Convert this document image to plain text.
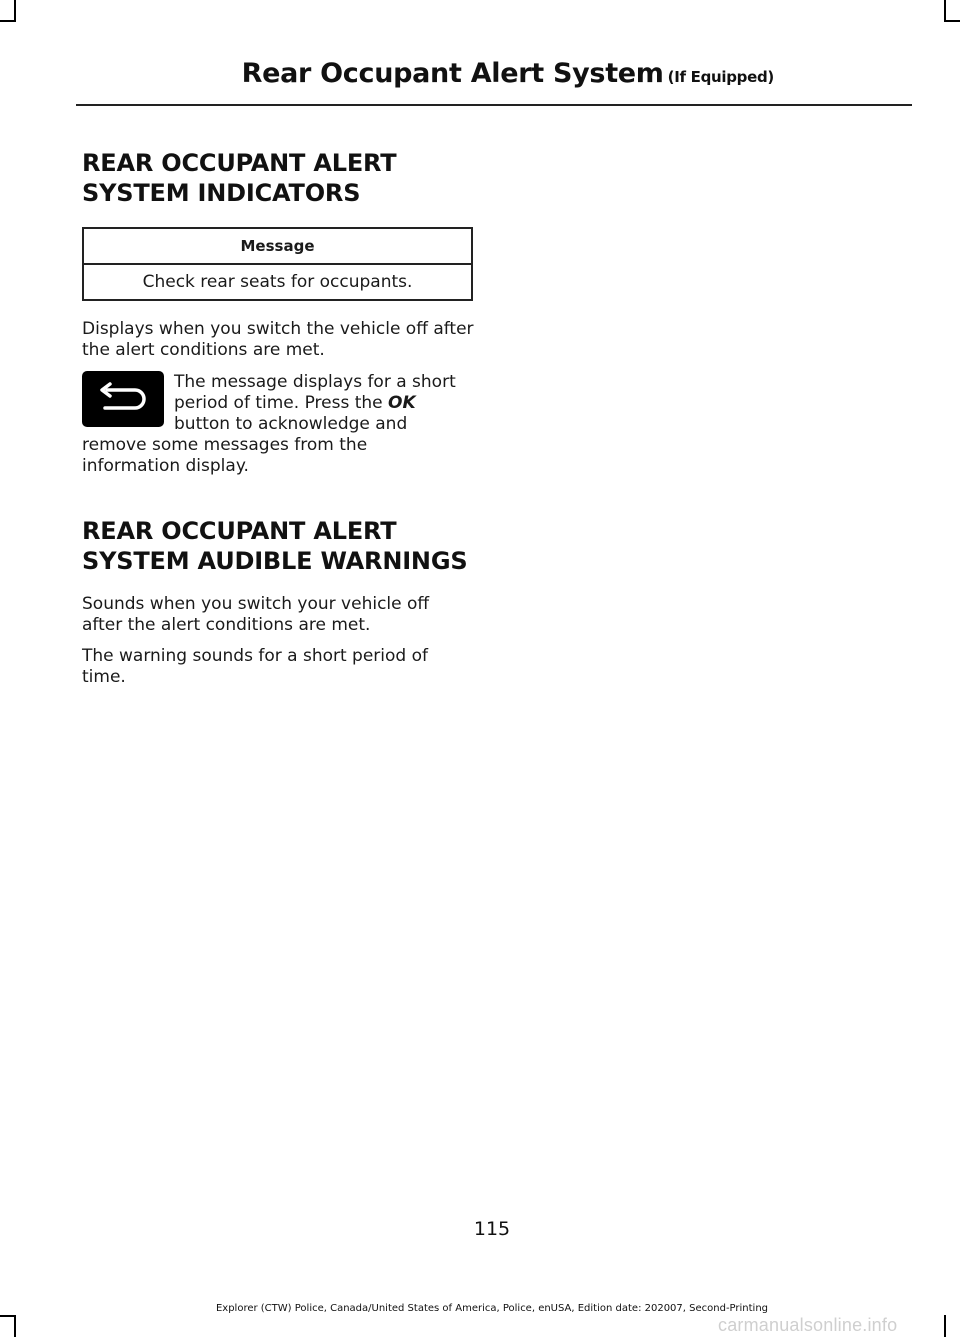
Rear Occupant Alert System (If Equipped)

REAR OCCUPANT ALERT

SYSTEM INDICATORS

Message
Check rear seats for occupants.

Displays when you switch the vehicle off after the alert conditions are met.

The message displays for a short period of time. Press the OK
button to acknowledge and

remove some messages from the information display.

REAR OCCUPANT ALERT

SYSTEM AUDIBLE WARNINGS

Sounds when you switch your vehicle off after the alert conditions are met.

The warning sounds for a short period of time.

115
Explorer (CTW) Police, Canada/United States of America, Police, enUSA, Edition date: 202007, Second-Printing
carmanualsonline.info
